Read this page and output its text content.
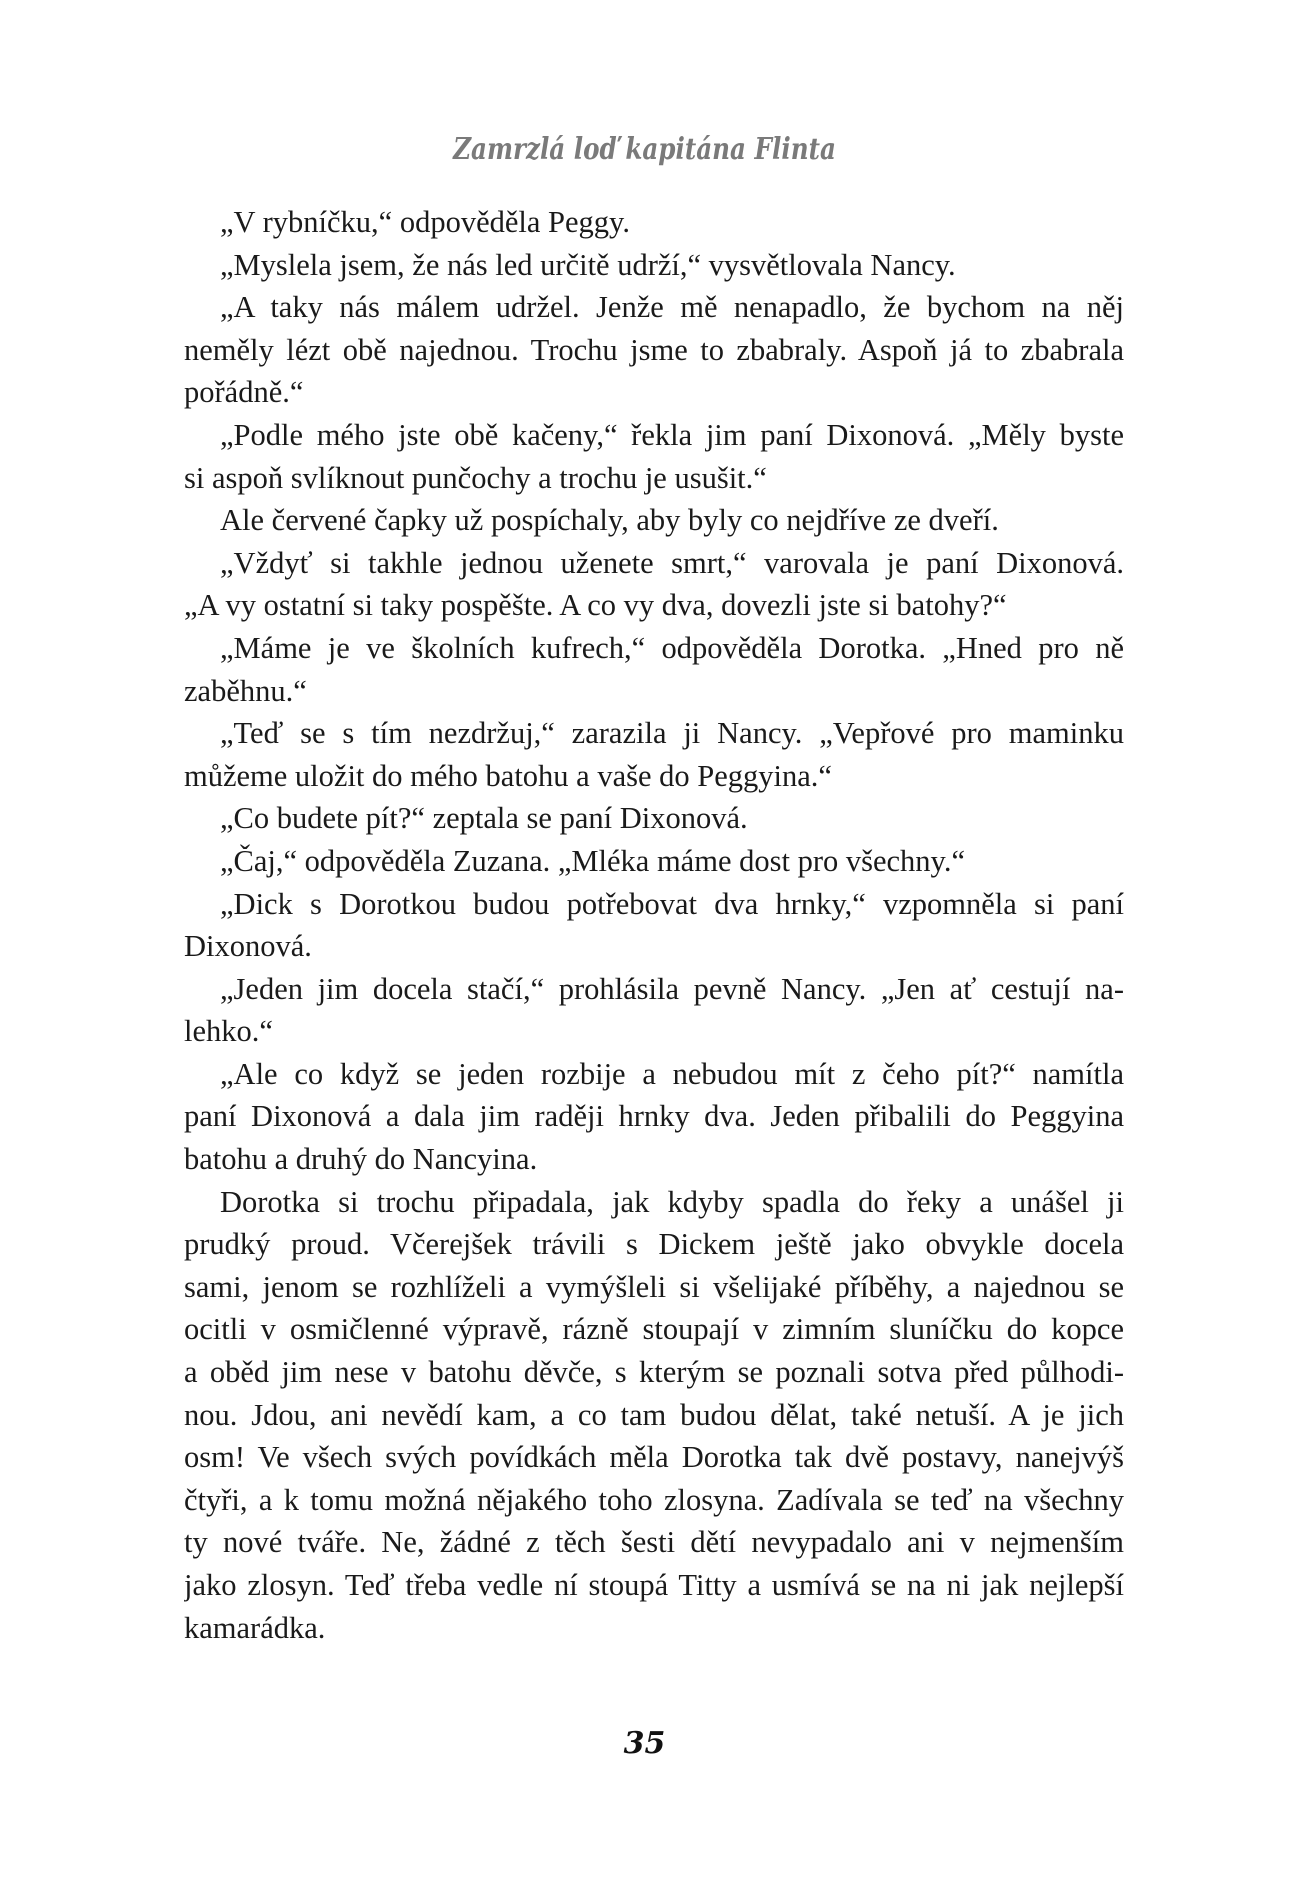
Zamrzlá loď kapitána Flinta
„V rybníčku,“ odpověděla Peggy.
„Myslela jsem, že nás led určitě udrží,“ vysvětlovala Nancy.
„A taky nás málem udržel. Jenže mě nenapadlo, že bychom na něj
neměly lézt obě najednou. Trochu jsme to zbabraly. Aspoň já to zbabrala
pořádně.“
„Podle mého jste obě kačeny,“ řekla jim paní Dixonová. „Měly byste
si aspoň svlíknout punčochy a trochu je usušit.“
Ale červené čapky už pospíchaly, aby byly co nejdříve ze dveří.
„Vždyť si takhle jednou uženete smrt,“ varovala je paní Dixonová.
„A vy ostatní si taky pospěšte. A co vy dva, dovezli jste si batohy?“
„Máme je ve školních kufrech,“ odpověděla Dorotka. „Hned pro ně
zaběhnu.“
„Teď se s tím nezdržuj,“ zarazila ji Nancy. „Vepřové pro maminku
můžeme uložit do mého batohu a vaše do Peggyina.“
„Co budete pít?“ zeptala se paní Dixonová.
„Čaj,“ odpověděla Zuzana. „Mléka máme dost pro všechny.“
„Dick s Dorotkou budou potřebovat dva hrnky,“ vzpomněla si paní
Dixonová.
„Jeden jim docela stačí,“ prohlásila pevně Nancy. „Jen ať cestují na-
lehko.“
„Ale co když se jeden rozbije a nebudou mít z čeho pít?“ namítla
paní Dixonová a dala jim raději hrnky dva. Jeden přibalili do Peggyina
batohu a druhý do Nancyina.
Dorotka si trochu připadala, jak kdyby spadla do řeky a unášel ji
prudký proud. Včerejšek trávili s Dickem ještě jako obvykle docela
sami, jenom se rozhlíželi a vymýšleli si všelijaké příběhy, a najednou se
ocitli v osmičlenné výpravě, rázně stoupají v zimním sluníčku do kopce
a oběd jim nese v batohu děvče, s kterým se poznali sotva před půlhodi-
nou. Jdou, ani nevědí kam, a co tam budou dělat, také netuší. A je jich
osm! Ve všech svých povídkách měla Dorotka tak dvě postavy, nanejvýš
čtyři, a k tomu možná nějakého toho zlosyna. Zadívala se teď na všechny
ty nové tváře. Ne, žádné z těch šesti dětí nevypadalo ani v nejmenším
jako zlosyn. Teď třeba vedle ní stoupá Titty a usmívá se na ni jak nejlepší
kamarádka.
35
